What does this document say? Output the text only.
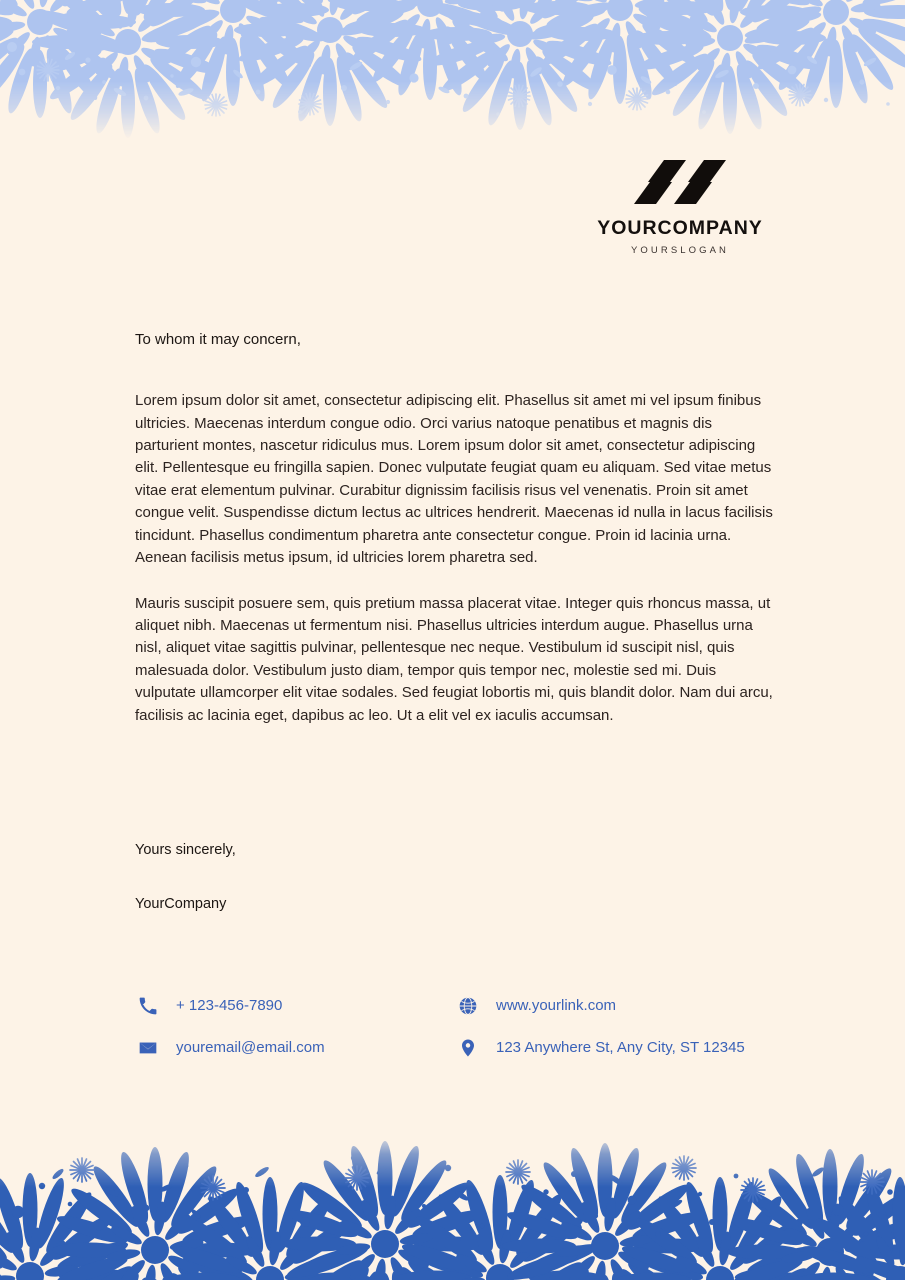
YOURCOMPANY
YOURSLOGAN

To whom it may concern,

Lorem ipsum dolor sit amet, consectetur adipiscing elit. Phasellus sit amet mi vel ipsum finibus ultricies. Maecenas interdum congue odio. Orci varius natoque penatibus et magnis dis parturient montes, nascetur ridiculus mus. Lorem ipsum dolor sit amet, consectetur adipiscing elit. Pellentesque eu fringilla sapien. Donec vulputate feugiat quam eu aliquam. Sed vitae metus vitae erat elementum pulvinar. Curabitur dignissim facilisis risus vel venenatis. Proin sit amet congue velit. Suspendisse dictum lectus ac ultrices hendrerit. Maecenas id nulla in lacus facilisis tincidunt. Phasellus condimentum pharetra ante consectetur congue. Proin id lacinia urna. Aenean facilisis metus ipsum, id ultricies lorem pharetra sed.

Mauris suscipit posuere sem, quis pretium massa placerat vitae. Integer quis rhoncus massa, ut aliquet nibh. Maecenas ut fermentum nisi. Phasellus ultricies interdum augue. Phasellus urna nisl, aliquet vitae sagittis pulvinar, pellentesque nec neque. Vestibulum id suscipit nisl, quis malesuada dolor. Vestibulum justo diam, tempor quis tempor nec, molestie sed mi. Duis vulputate ullamcorper elit vitae sodales. Sed feugiat lobortis mi, quis blandit dolor. Nam dui arcu, facilisis ac lacinia eget, dapibus ac leo. Ut a elit vel ex iaculis accumsan.

Yours sincerely,

YourCompany

+ 123-456-7890
youremail@email.com
www.yourlink.com
123 Anywhere St, Any City, ST 12345
